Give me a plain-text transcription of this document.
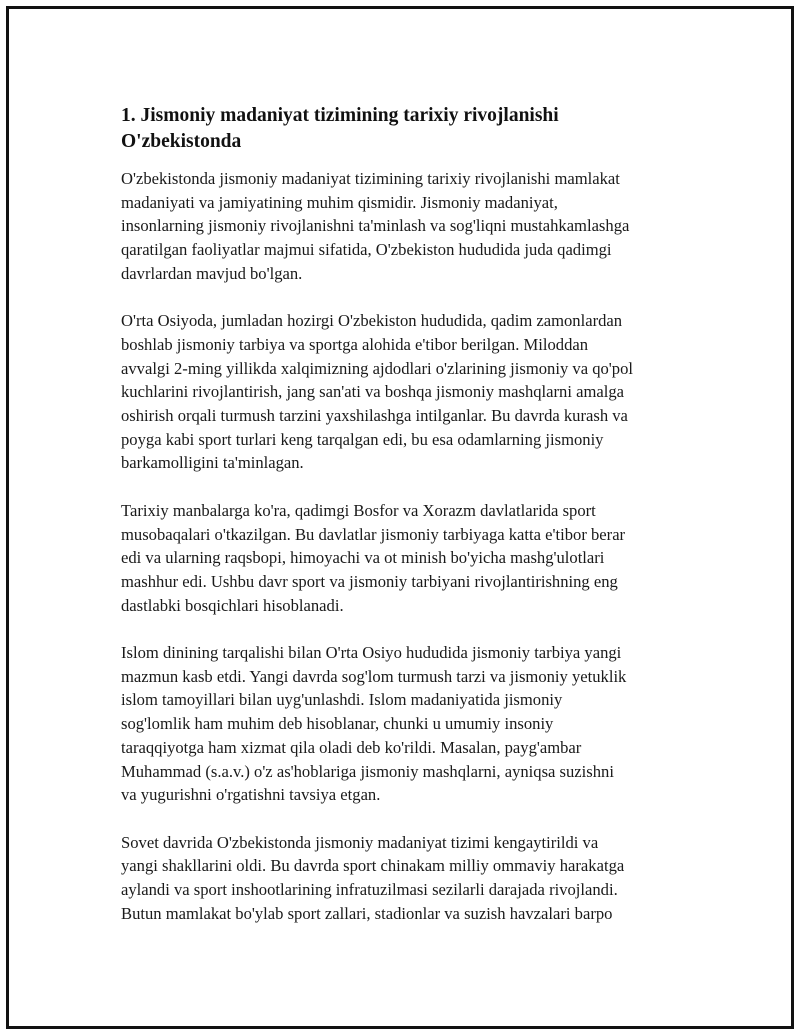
1. Jismoniy madaniyat tizimining tarixiy rivojlanishi
O'zbekistonda

O'zbekistonda jismoniy madaniyat tizimining tarixiy rivojlanishi mamlakat
madaniyati va jamiyatining muhim qismidir. Jismoniy madaniyat,
insonlarning jismoniy rivojlanishni ta'minlash va sog'liqni mustahkamlashga
qaratilgan faoliyatlar majmui sifatida, O'zbekiston hududida juda qadimgi
davrlardan mavjud bo'lgan.

O'rta Osiyoda, jumladan hozirgi O'zbekiston hududida, qadim zamonlardan
boshlab jismoniy tarbiya va sportga alohida e'tibor berilgan. Miloddan
avvalgi 2-ming yillikda xalqimizning ajdodlari o'zlarining jismoniy va qo'pol
kuchlarini rivojlantirish, jang san'ati va boshqa jismoniy mashqlarni amalga
oshirish orqali turmush tarzini yaxshilashga intilganlar. Bu davrda kurash va
poyga kabi sport turlari keng tarqalgan edi, bu esa odamlarning jismoniy
barkamolligini ta'minlagan.

Tarixiy manbalarga ko'ra, qadimgi Bosfor va Xorazm davlatlarida sport
musobaqalari o'tkazilgan. Bu davlatlar jismoniy tarbiyaga katta e'tibor berar
edi va ularning raqsbopi, himoyachi va ot minish bo'yicha mashg'ulotlari
mashhur edi. Ushbu davr sport va jismoniy tarbiyani rivojlantirishning eng
dastlabki bosqichlari hisoblanadi.

Islom dinining tarqalishi bilan O'rta Osiyo hududida jismoniy tarbiya yangi
mazmun kasb etdi. Yangi davrda sog'lom turmush tarzi va jismoniy yetuklik
islom tamoyillari bilan uyg'unlashdi. Islom madaniyatida jismoniy
sog'lomlik ham muhim deb hisoblanar, chunki u umumiy insoniy
taraqqiyotga ham xizmat qila oladi deb ko'rildi. Masalan, payg'ambar
Muhammad (s.a.v.) o'z as'hoblariga jismoniy mashqlarni, ayniqsa suzishni
va yugurishni o'rgatishni tavsiya etgan.

Sovet davrida O'zbekistonda jismoniy madaniyat tizimi kengaytirildi va
yangi shakllarini oldi. Bu davrda sport chinakam milliy ommaviy harakatga
aylandi va sport inshootlarining infratuzilmasi sezilarli darajada rivojlandi.
Butun mamlakat bo'ylab sport zallari, stadionlar va suzish havzalari barpo
